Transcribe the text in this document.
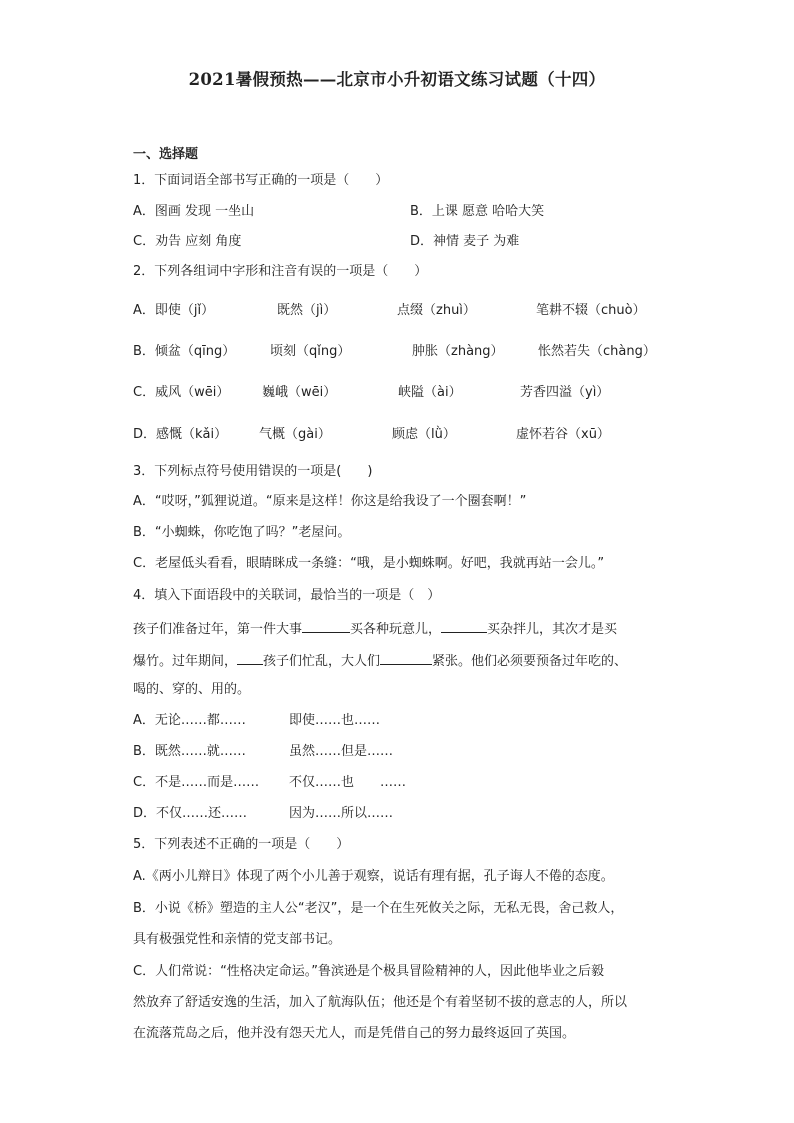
2021暑假预热——北京市小升初语文练习试题（十四）
一、选择题
1．下面词语全部书写正确的一项是（　　）
A．图画 发现 一坐山	B．上课 愿意 哈哈大笑
C．劝告 应刻 角度	D．神情 麦子 为难
2．下列各组词中字形和注音有误的一项是（　　）
A．即使（jǐ）	既然（jì）	点缀（zhuì）	笔耕不辍（chuò）
B．倾盆（qīng）	顷刻（qǐng）	肿胀（zhàng）	怅然若失（chàng）
C．威风（wēi）	巍峨（wēi）	峡隘（ài）	芳香四溢（yì）
D．感慨（kǎi） 气概（gài）	顾虑（lǜ）	虚怀若谷（xū）
3．下列标点符号使用错误的一项是(　　)
A．“哎呀，”狐狸说道。“原来是这样！你这是给我设了一个圈套啊！”
B．“小蜘蛛，你吃饱了吗？”老屋问。
C．老屋低头看看，眼睛眯成一条缝：“哦，是小蜘蛛啊。好吧，我就再站一会儿。”
4．填入下面语段中的关联词，最恰当的一项是（　）
孩子们准备过年，第一件大事	买各种玩意儿，	买杂拌儿，其次才是买
爆竹。过年期间， 孩子们忙乱，大人们	紧张。他们必须要预备过年吃的、
喝的、穿的、用的。
A．无论……都……	即使……也……
B．既然……就……	虽然……但是……
C．不是……而是…… 不仅……也　　……
D．不仅……还……	因为……所以……
5．下列表述不正确的一项是（　　）
A.《两小儿辩日》体现了两个小儿善于观察，说话有理有据，孔子诲人不倦的态度。
B．小说《桥》塑造的主人公“老汉”，是一个在生死攸关之际，无私无畏，舍己救人，
具有极强党性和亲情的党支部书记。
C．人们常说：“性格决定命运。”鲁滨逊是个极具冒险精神的人，因此他毕业之后毅
然放弃了舒适安逸的生活，加入了航海队伍；他还是个有着坚韧不拔的意志的人，所以
在流落荒岛之后，他并没有怨天尤人，而是凭借自己的努力最终返回了英国。
